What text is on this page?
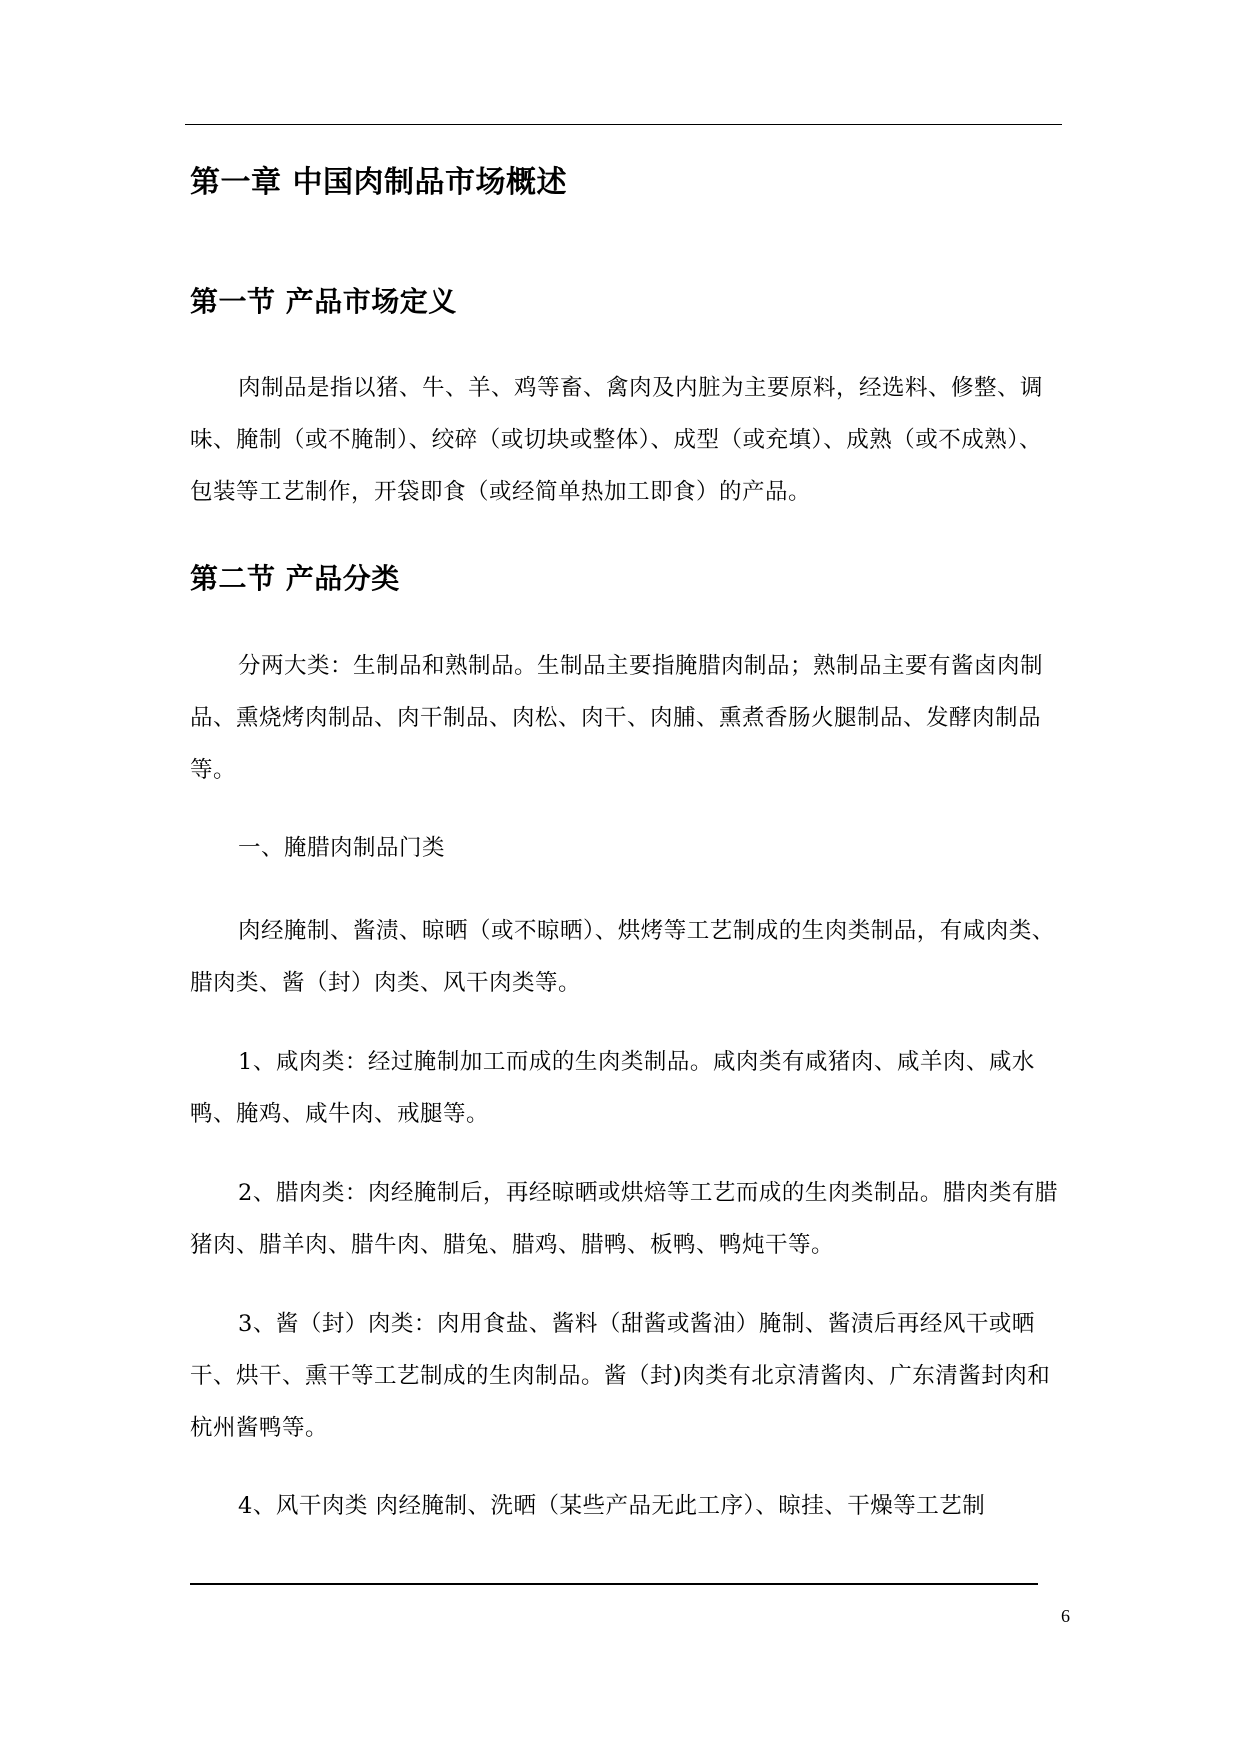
第一章 中国肉制品市场概述
第一节 产品市场定义

肉制品是指以猪、牛、羊、鸡等畜、禽肉及内脏为主要原料，经选料、修整、调味、腌制（或不腌制）、绞碎（或切块或整体）、成型（或充填）、成熟（或不成熟）、包装等工艺制作，开袋即食（或经简单热加工即食）的产品。

第二节 产品分类

分两大类：生制品和熟制品。生制品主要指腌腊肉制品；熟制品主要有酱卤肉制品、熏烧烤肉制品、肉干制品、肉松、肉干、肉脯、熏煮香肠火腿制品、发酵肉制品等。

一、腌腊肉制品门类

肉经腌制、酱渍、晾晒（或不晾晒）、烘烤等工艺制成的生肉类制品，有咸肉类、腊肉类、酱（封）肉类、风干肉类等。

1、咸肉类：经过腌制加工而成的生肉类制品。咸肉类有咸猪肉、咸羊肉、咸水鸭、腌鸡、咸牛肉、戒腿等。

2、腊肉类：肉经腌制后，再经晾晒或烘焙等工艺而成的生肉类制品。腊肉类有腊猪肉、腊羊肉、腊牛肉、腊兔、腊鸡、腊鸭、板鸭、鸭炖干等。

3、酱（封）肉类：肉用食盐、酱料（甜酱或酱油）腌制、酱渍后再经风干或晒干、烘干、熏干等工艺制成的生肉制品。酱（封)肉类有北京清酱肉、广东清酱封肉和杭州酱鸭等。

4、风干肉类 肉经腌制、洗晒（某些产品无此工序）、晾挂、干燥等工艺制

6
